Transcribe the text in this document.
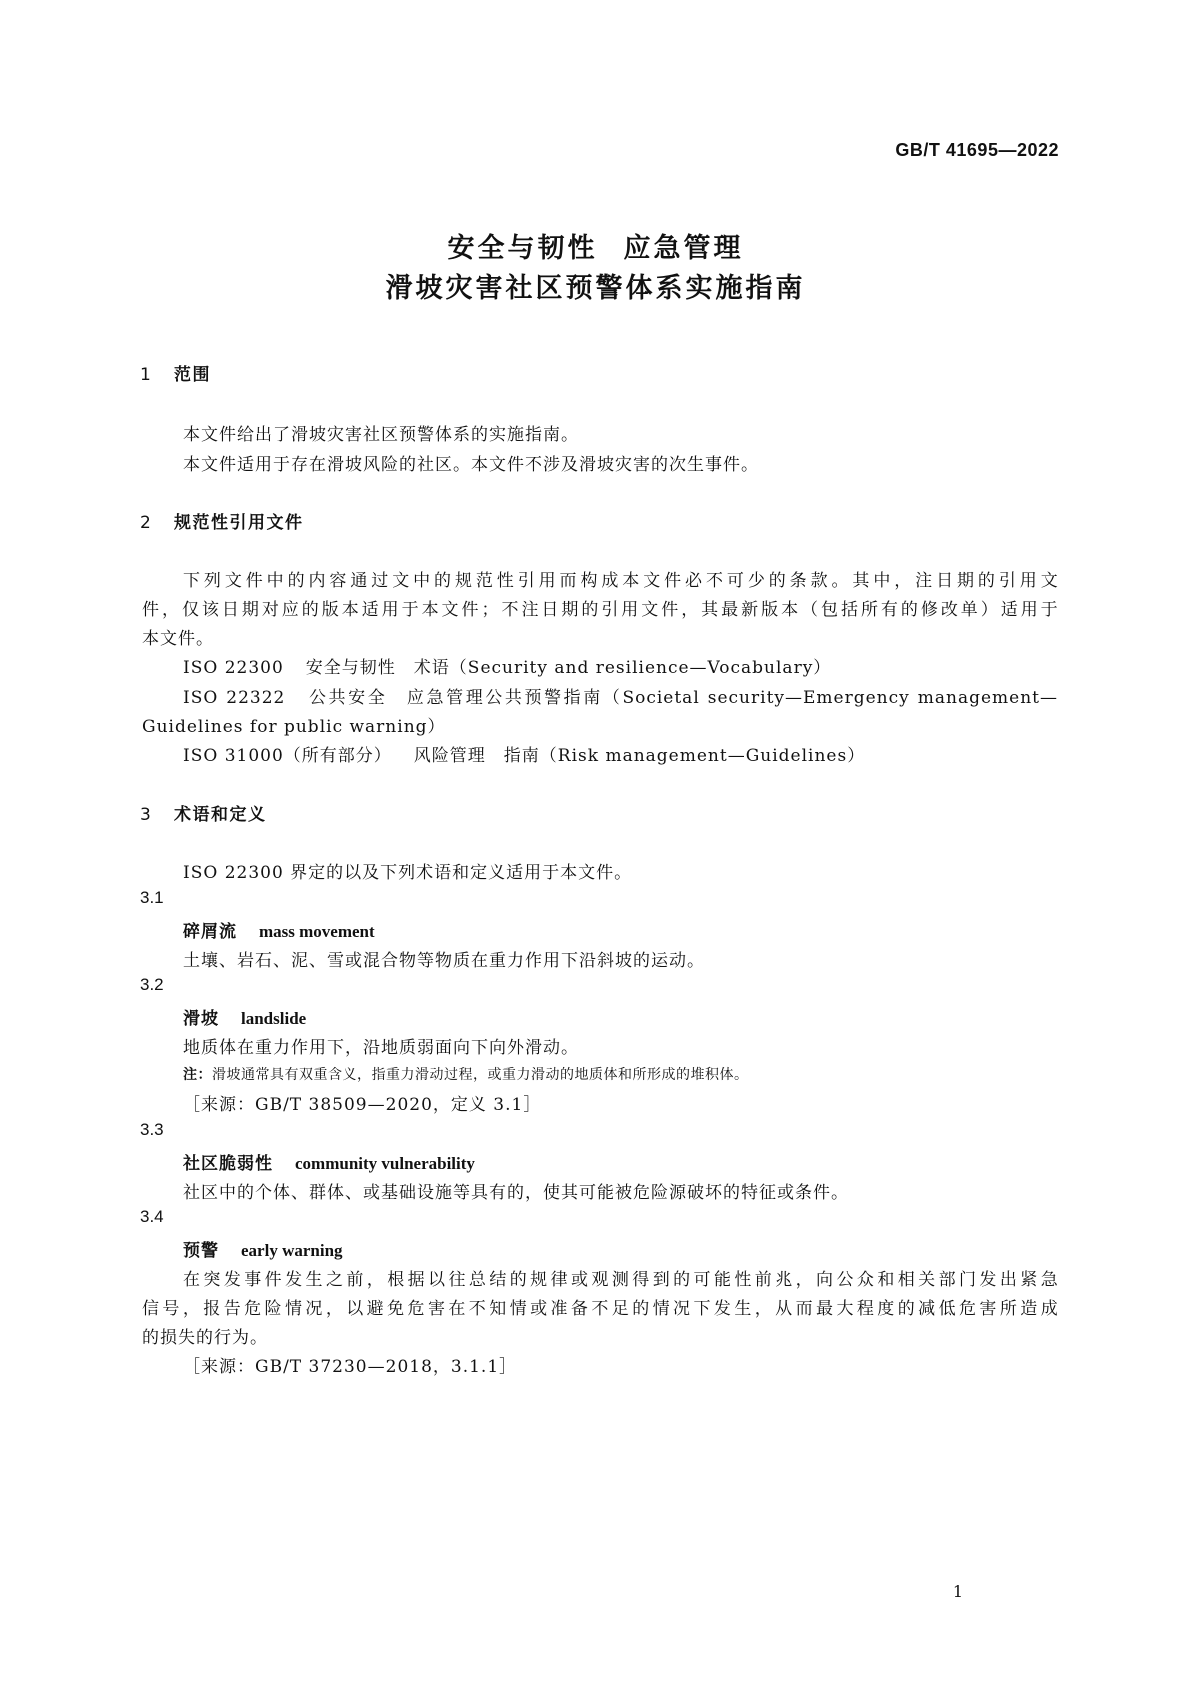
GB/T 41695—2022
安全与韧性 应急管理
滑坡灾害社区预警体系实施指南
1 范围
本文件给出了滑坡灾害社区预警体系的实施指南。
本文件适用于存在滑坡风险的社区。本文件不涉及滑坡灾害的次生事件。
2 规范性引用文件
下列文件中的内容通过文中的规范性引用而构成本文件必不可少的条款。其中，注日期的引用文
件，仅该日期对应的版本适用于本文件；不注日期的引用文件，其最新版本（包括所有的修改单）适用于
本文件。
ISO 22300 安全与韧性　术语（Security and resilience—Vocabulary）
ISO 22322 公共安全　应急管理公共预警指南（Societal security—Emergency management—
Guidelines for public warning）
ISO 31000（所有部分） 风险管理　指南（Risk management—Guidelines）
3 术语和定义
ISO 22300 界定的以及下列术语和定义适用于本文件。
3.1
碎屑流 mass movement
土壤、岩石、泥、雪或混合物等物质在重力作用下沿斜坡的运动。
3.2
滑坡 landslide
地质体在重力作用下，沿地质弱面向下向外滑动。
注：滑坡通常具有双重含义，指重力滑动过程，或重力滑动的地质体和所形成的堆积体。
［来源：GB/T 38509—2020，定义 3.1］
3.3
社区脆弱性 community vulnerability
社区中的个体、群体、或基础设施等具有的，使其可能被危险源破坏的特征或条件。
3.4
预警 early warning
在突发事件发生之前，根据以往总结的规律或观测得到的可能性前兆，向公众和相关部门发出紧急
信号，报告危险情况，以避免危害在不知情或准备不足的情况下发生，从而最大程度的减低危害所造成
的损失的行为。
［来源：GB/T 37230—2018，3.1.1］
1
